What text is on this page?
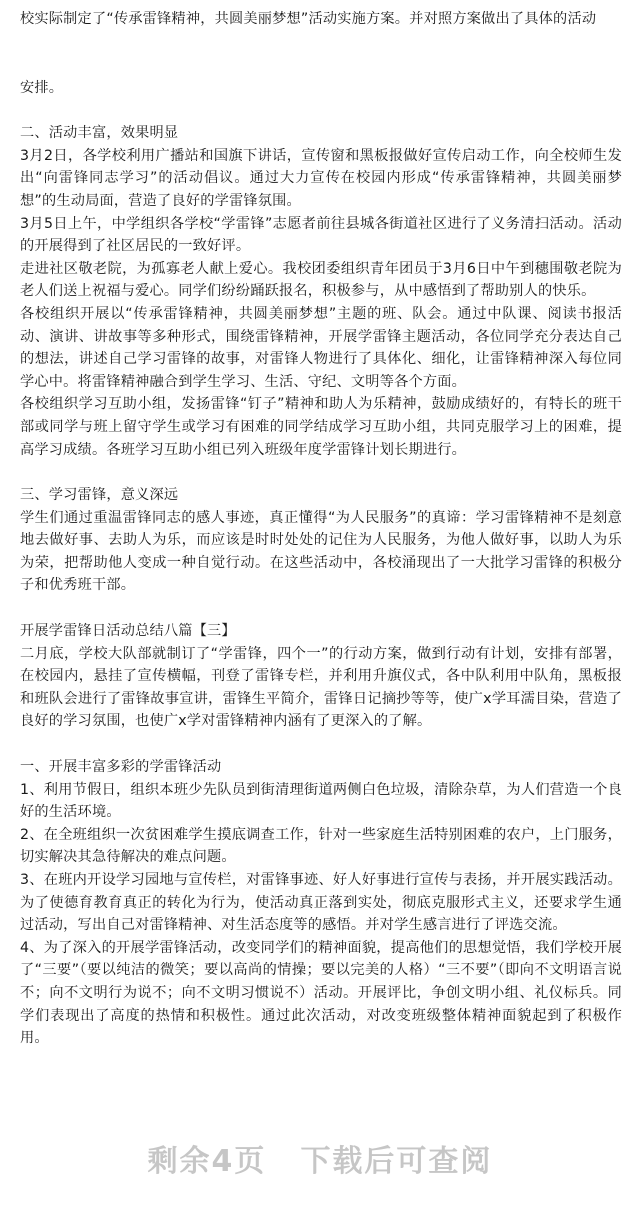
校实际制定了“传承雷锋精神，共圆美丽梦想”活动实施方案。并对照方案做出了具体的活动

安排。

二、活动丰富，效果明显

3月2日，各学校利用广播站和国旗下讲话，宣传窗和黑板报做好宣传启动工作，向全校师生发出“向雷锋同志学习”的活动倡议。通过大力宣传在校园内形成“传承雷锋精神，共圆美丽梦想”的生动局面，营造了良好的学雷锋氛围。

3月5日上午，中学组织各学校“学雷锋”志愿者前往县城各街道社区进行了义务清扫活动。活动的开展得到了社区居民的一致好评。

走进社区敬老院，为孤寡老人献上爱心。我校团委组织青年团员于3月6日中午到穗围敬老院为老人们送上祝福与爱心。同学们纷纷踊跃报名，积极参与，从中感悟到了帮助别人的快乐。

各校组织开展以“传承雷锋精神，共圆美丽梦想”主题的班、队会。通过中队课、阅读书报活动、演讲、讲故事等多种形式，围绕雷锋精神，开展学雷锋主题活动，各位同学充分表达自己的想法，讲述自己学习雷锋的故事，对雷锋人物进行了具体化、细化，让雷锋精神深入每位同学心中。将雷锋精神融合到学生学习、生活、守纪、文明等各个方面。

各校组织学习互助小组，发扬雷锋“钉子”精神和助人为乐精神，鼓励成绩好的，有特长的班干部或同学与班上留守学生或学习有困难的同学结成学习互助小组，共同克服学习上的困难，提高学习成绩。各班学习互助小组已列入班级年度学雷锋计划长期进行。

三、学习雷锋，意义深远

学生们通过重温雷锋同志的感人事迹，真正懂得“为人民服务”的真谛：学习雷锋精神不是刻意地去做好事、去助人为乐，而应该是时时处处的记住为人民服务，为他人做好事，以助人为乐为荣，把帮助他人变成一种自觉行动。在这些活动中，各校涌现出了一大批学习雷锋的积极分子和优秀班干部。

开展学雷锋日活动总结八篇【三】

二月底，学校大队部就制订了“学雷锋，四个一”的行动方案，做到行动有计划，安排有部署，在校园内，悬挂了宣传横幅，刊登了雷锋专栏，并利用升旗仪式，各中队利用中队角，黑板报和班队会进行了雷锋故事宣讲，雷锋生平简介，雷锋日记摘抄等等，使广x学耳濡目染，营造了良好的学习氛围，也使广x学对雷锋精神内涵有了更深入的了解。

一、开展丰富多彩的学雷锋活动

1、利用节假日，组织本班少先队员到街清理街道两侧白色垃圾，清除杂草，为人们营造一个良好的生活环境。

2、在全班组织一次贫困难学生摸底调查工作，针对一些家庭生活特别困难的农户，上门服务，切实解决其急待解决的难点问题。

3、在班内开设学习园地与宣传栏，对雷锋事迹、好人好事进行宣传与表扬，并开展实践活动。为了使德育教育真正的转化为行为，使活动真正落到实处，彻底克服形式主义，还要求学生通过活动，写出自己对雷锋精神、对生活态度等的感悟。并对学生感言进行了评选交流。

4、为了深入的开展学雷锋活动，改变同学们的精神面貌，提高他们的思想觉悟，我们学校开展了“三要”（要以纯洁的微笑；要以高尚的情操；要以完美的人格）“三不要”（即向不文明语言说不；向不文明行为说不；向不文明习惯说不）活动。开展评比，争创文明小组、礼仪标兵。同学们表现出了高度的热情和积极性。通过此次活动，对改变班级整体精神面貌起到了积极作用。

剩余4页 下载后可查阅
